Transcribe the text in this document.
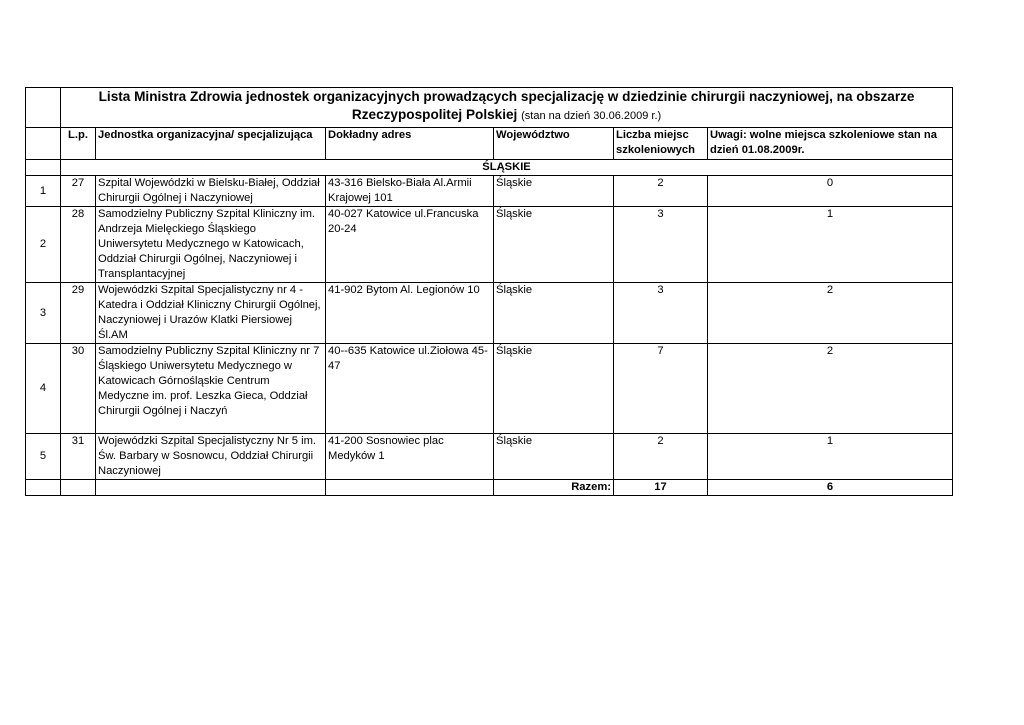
	Lista Ministra Zdrowia jednostek organizacyjnych prowadzących specjalizację w dziedzinie chirurgii naczyniowej, na obszarze
Rzeczypospolitej Polskiej (stan na dzień 30.06.2009 r.)					

	L.p.	Jednostka organizacyjna/ specjalizująca	Dokładny adres	Województwo	Liczba miejsc szkoleniowych	Uwagi: wolne miejsca szkoleniowe stan na dzień 01.08.2009r.
	ŚLĄSKIE					
1	27	Szpital Wojewódzki w Bielsku-Białej, Oddział Chirurgii Ogólnej i Naczyniowej	43-316 Bielsko-Biała Al.Armii Krajowej 101	Śląskie	2	0
2	28	Samodzielny Publiczny Szpital Kliniczny im. Andrzeja Mielęckiego Śląskiego Uniwersytetu Medycznego w Katowicach, Oddział Chirurgii Ogólnej, Naczyniowej i Transplantacyjnej	40-027 Katowice ul.Francuska 20-24	Śląskie	3	1
3	29	Wojewódzki Szpital Specjalistyczny nr 4 - Katedra i Oddział Kliniczny Chirurgii Ogólnej, Naczyniowej i Urazów Klatki Piersiowej Śl.AM	41-902 Bytom Al. Legionów 10	Śląskie	3	2
4	30	Samodzielny Publiczny Szpital Kliniczny nr 7 Śląskiego Uniwersytetu Medycznego w Katowicach Górnośląskie Centrum Medyczne im. prof. Leszka Gieca, Oddział Chirurgii Ogólnej i Naczyń	40--635 Katowice ul.Ziołowa 45-47	Śląskie	7	2
5	31	Wojewódzki Szpital Specjalistyczny Nr 5 im. Św. Barbary w Sosnowcu, Oddział Chirurgii Naczyniowej	41-200 Sosnowiec plac Medyków 1	Śląskie	2	1
				Razem:	17	6
